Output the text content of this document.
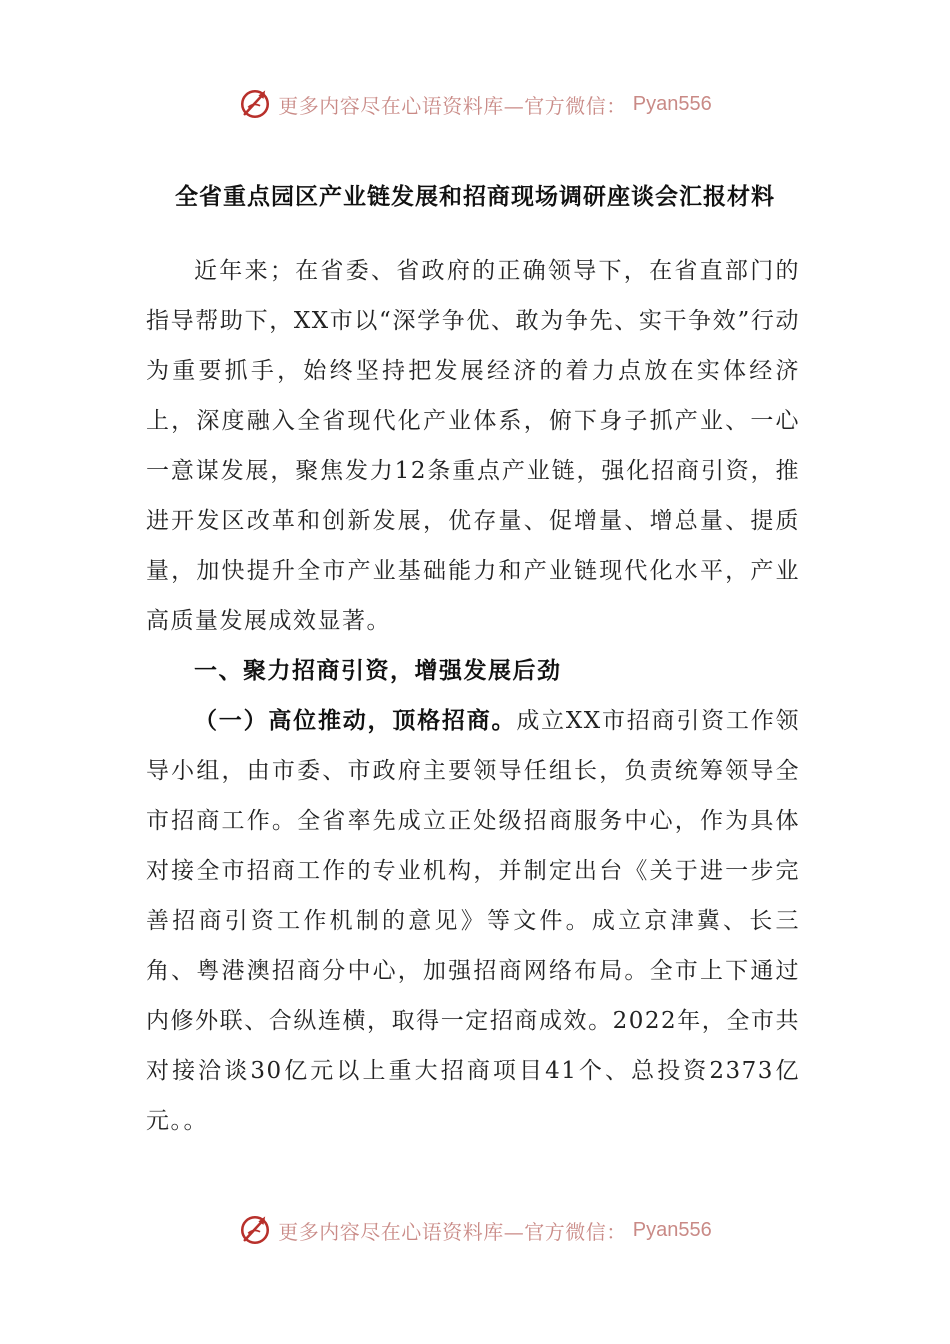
更多内容尽在心语资料库—官方微信： Pyan556
全省重点园区产业链发展和招商现场调研座谈会汇报材料

近年来；在省委、省政府的正确领导下，在省直部门的指导帮助下，XX市以“深学争优、敢为争先、实干争效”行动为重要抓手，始终坚持把发展经济的着力点放在实体经济上，深度融入全省现代化产业体系，俯下身子抓产业、一心一意谋发展，聚焦发力12条重点产业链，强化招商引资，推进开发区改革和创新发展，优存量、促增量、增总量、提质量，加快提升全市产业基础能力和产业链现代化水平，产业高质量发展成效显著。

一、聚力招商引资，增强发展后劲

（一）高位推动，顶格招商。成立XX市招商引资工作领导小组，由市委、市政府主要领导任组长，负责统筹领导全市招商工作。全省率先成立正处级招商服务中心，作为具体对接全市招商工作的专业机构，并制定出台《关于进一步完善招商引资工作机制的意见》等文件。成立京津冀、长三角、粤港澳招商分中心，加强招商网络布局。全市上下通过内修外联、合纵连横，取得一定招商成效。2022年，全市共对接洽谈30亿元以上重大招商项目41个、总投资2373亿元。。

更多内容尽在心语资料库—官方微信： Pyan556
